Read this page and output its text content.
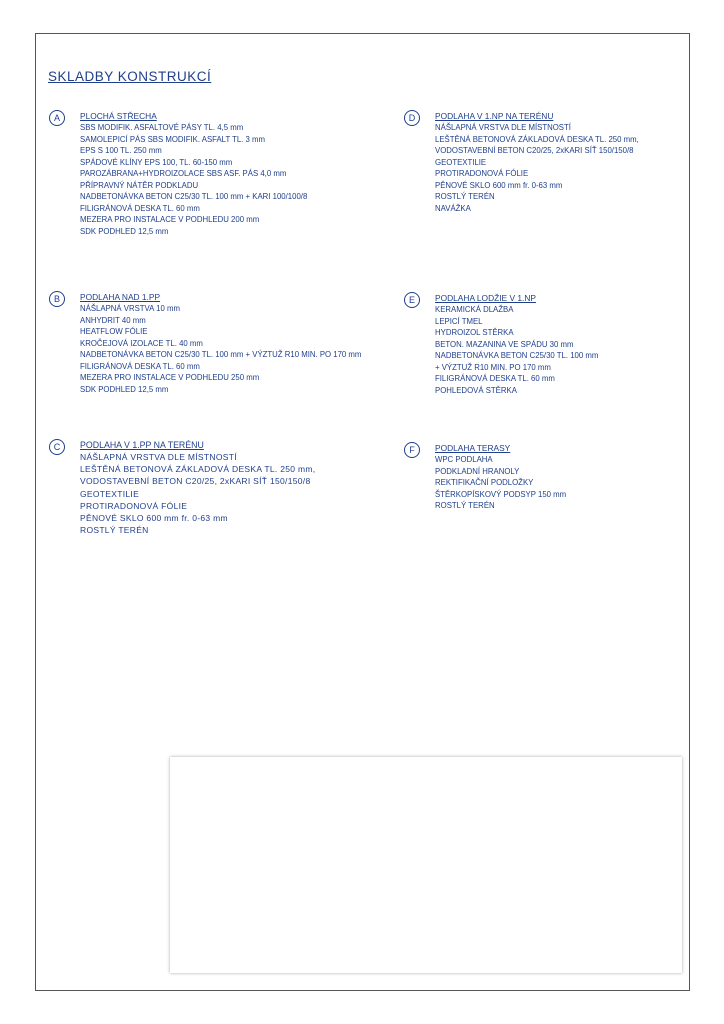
SKLADBY KONSTRUKCÍ
A	PLOCHÁ STŘECHA
SBS MODIFIK. ASFALTOVÉ PÁSY TL. 4,5 mm
SAMOLEPICÍ PÁS SBS MODIFIK. ASFALT TL. 3 mm
EPS S 100 TL. 250 mm
SPÁDOVÉ KLÍNY EPS 100, TL. 60-150 mm
PAROZÁBRANA+HYDROIZOLACE SBS ASF. PÁS 4,0 mm
PŘÍPRAVNÝ NÁTĚR PODKLADU
NADBETONÁVKA BETON C25/30 TL. 100 mm + KARI 100/100/8
FILIGRÁNOVÁ DESKA TL. 60 mm
MEZERA PRO INSTALACE V PODHLEDU 200 mm
SDK PODHLED 12,5 mm
B	PODLAHA NAD 1.PP
NÁŠLAPNÁ VRSTVA 10 mm
ANHYDRIT 40 mm
HEATFLOW FÓLIE
KROČEJOVÁ IZOLACE TL. 40 mm
NADBETONÁVKA BETON C25/30 TL. 100 mm + VÝZTUŽ R10 MIN. PO 170 mm
FILIGRÁNOVÁ DESKA TL. 60 mm
MEZERA PRO INSTALACE V PODHLEDU 250 mm
SDK PODHLED 12,5 mm
C	PODLAHA V 1.PP NA TERÉNU
NÁŠLAPNÁ VRSTVA DLE MÍSTNOSTÍ
LEŠTĚNÁ BETONOVÁ ZÁKLADOVÁ DESKA TL. 250 mm,
VODOSTAVEBNÍ BETON C20/25, 2xKARI SÍŤ 150/150/8
GEOTEXTILIE
PROTIRADONOVÁ FÓLIE
PĚNOVÉ SKLO 600 mm fr. 0-63 mm
ROSTLÝ TERÉN
D	PODLAHA V 1.NP NA TERÉNU
NÁŠLAPNÁ VRSTVA DLE MÍSTNOSTÍ
LEŠTĚNÁ BETONOVÁ ZÁKLADOVÁ DESKA TL. 250 mm,
VODOSTAVEBNÍ BETON C20/25, 2xKARI SÍŤ 150/150/8
GEOTEXTILIE
PROTIRADONOVÁ FÓLIE
PĚNOVÉ SKLO 600 mm fr. 0-63 mm
ROSTLÝ TERÉN
NAVÁŽKA
E	PODLAHA LODŽIE V 1.NP
KERAMICKÁ DLAŽBA
LEPICÍ TMEL
HYDROIZOL STĚRKA
BETON. MAZANINA VE SPÁDU 30 mm
NADBETONÁVKA BETON C25/30 TL. 100 mm
+ VÝZTUŽ R10 MIN. PO 170 mm
FILIGRÁNOVÁ DESKA TL. 60 mm
POHLEDOVÁ STĚRKA
F	PODLAHA TERASY
WPC PODLAHA
PODKLADNÍ HRANOLY
REKTIFIKAČNÍ PODLOŽKY
ŠTĚRKOPÍSKOVÝ PODSYP 150 mm
ROSTLÝ TERÉN
